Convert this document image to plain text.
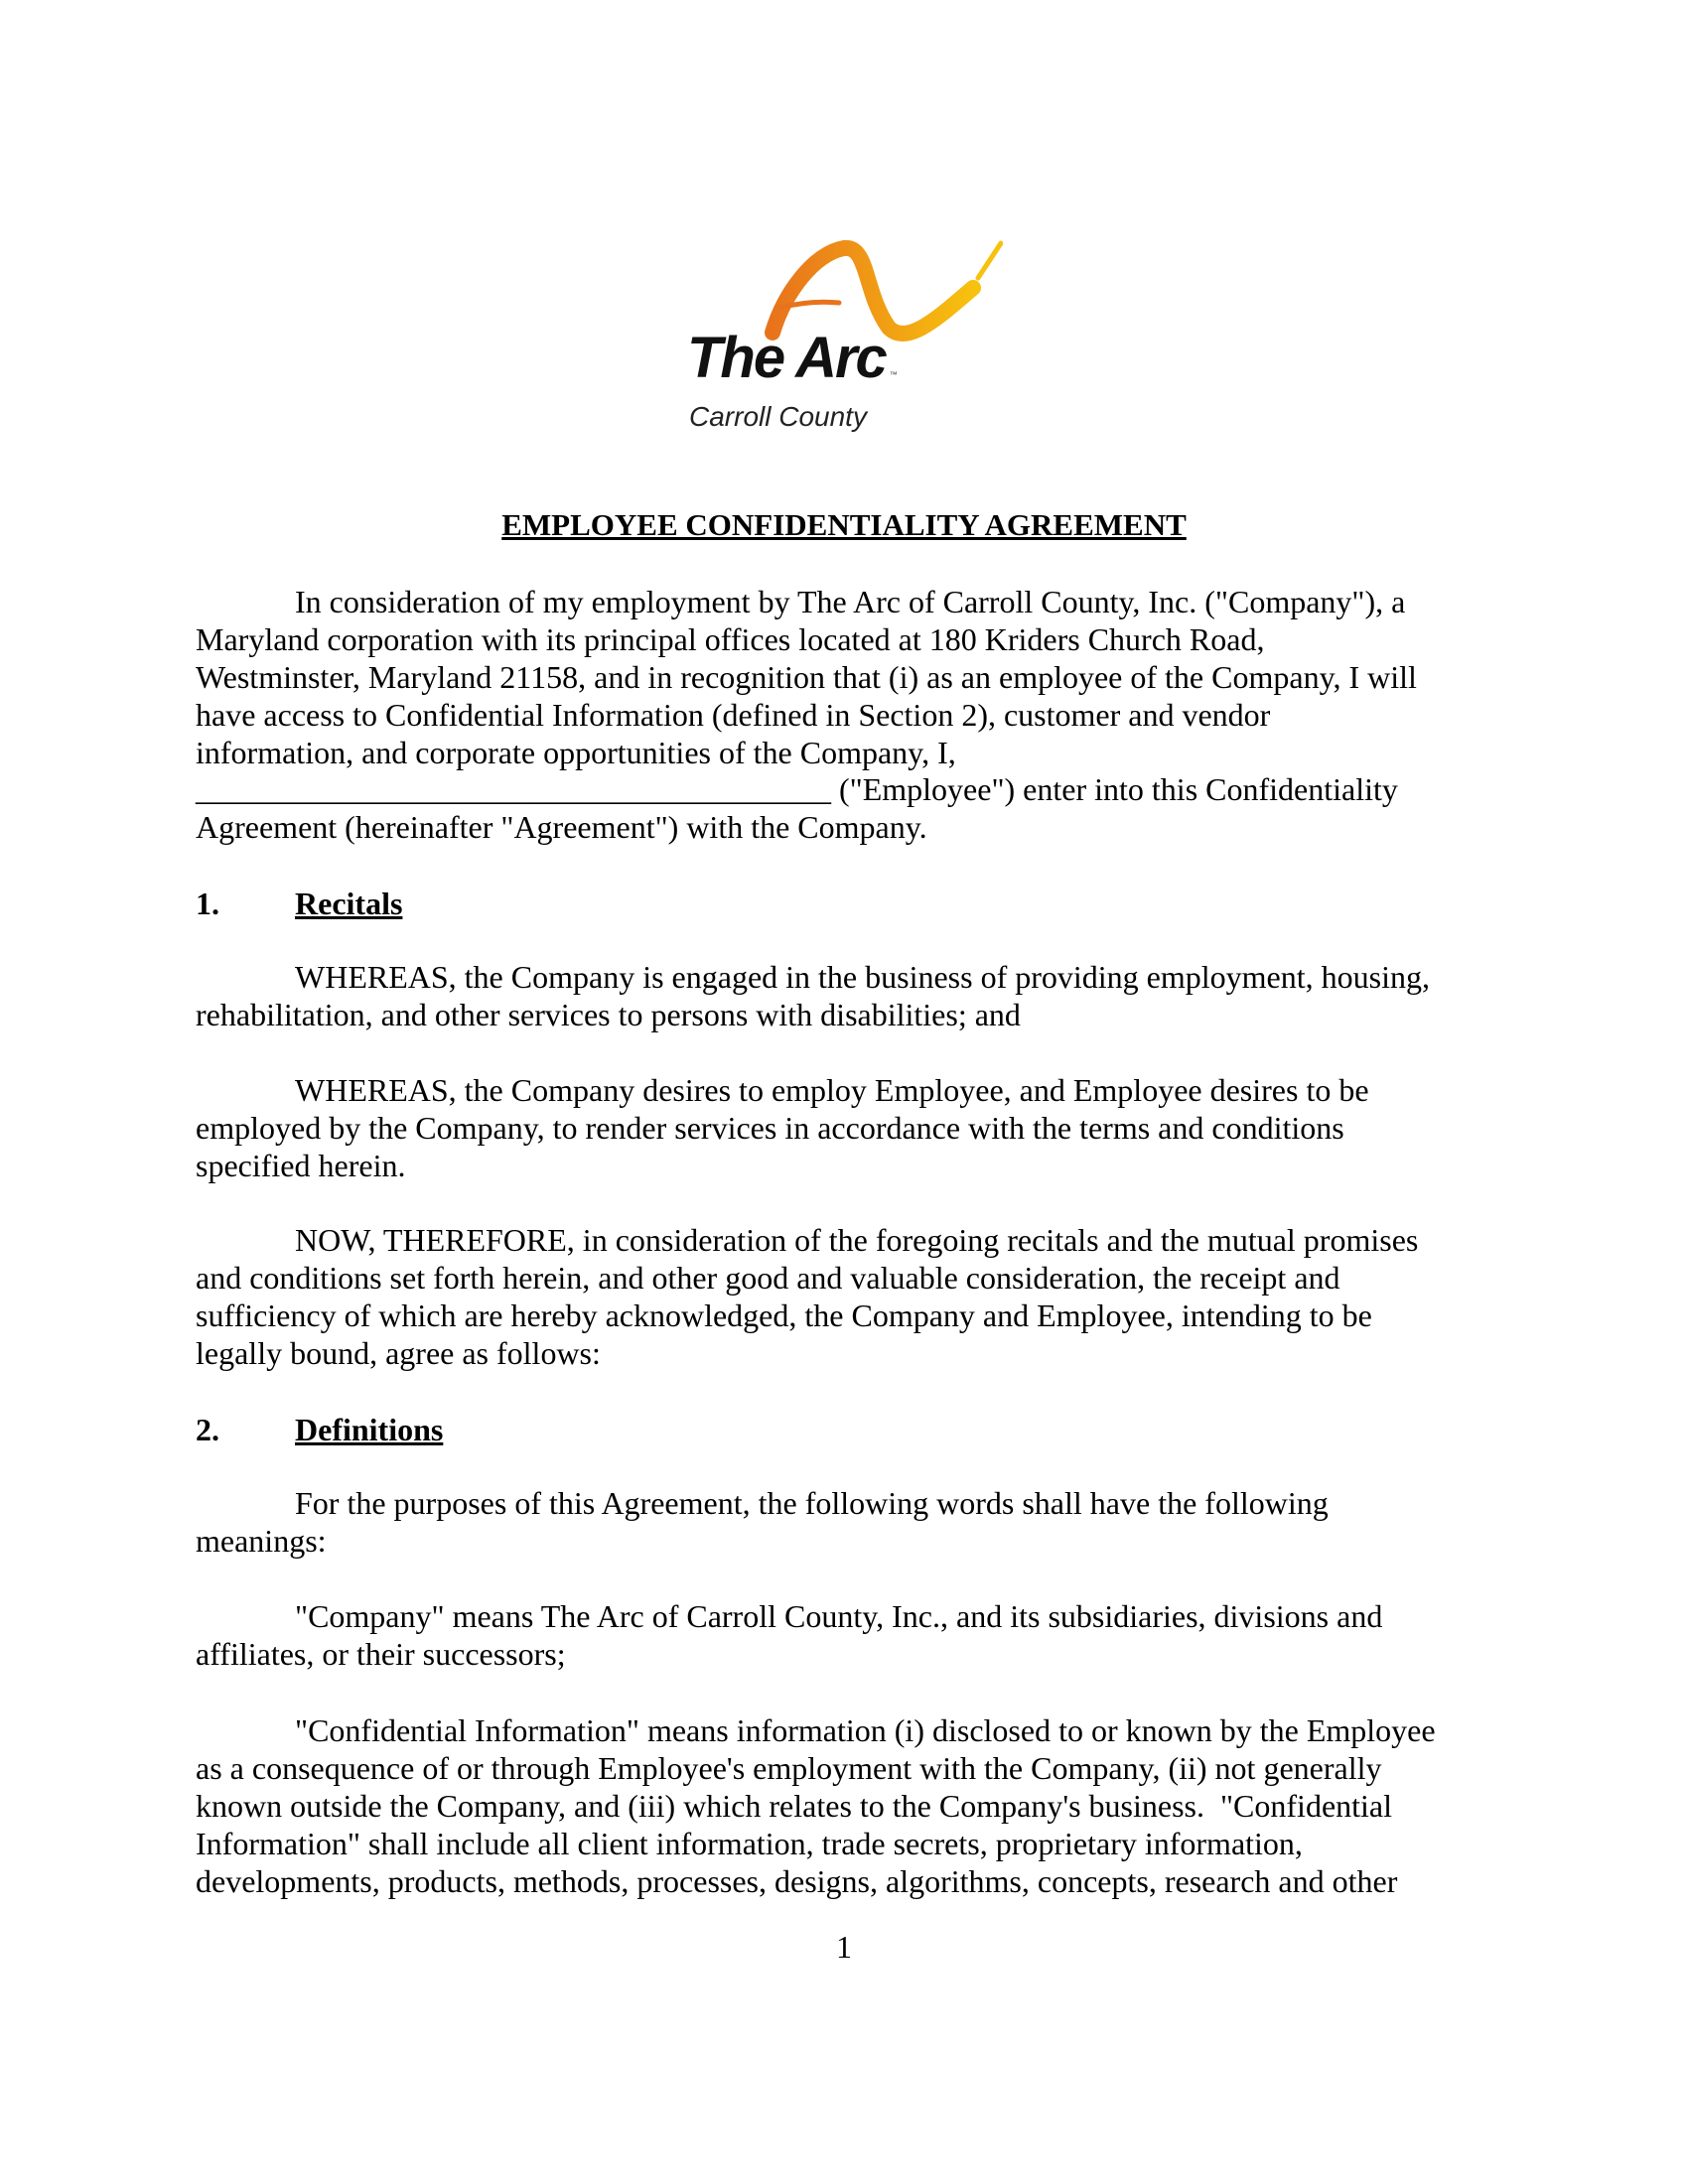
The Arc ™
Carroll County
EMPLOYEE CONFIDENTIALITY AGREEMENT
In consideration of my employment by The Arc of Carroll County, Inc. ("Company"), a
Maryland corporation with its principal offices located at 180 Kriders Church Road,
Westminster, Maryland 21158, and in recognition that (i) as an employee of the Company, I will
have access to Confidential Information (defined in Section 2), customer and vendor
information, and corporate opportunities of the Company, I,
________________________________________ ("Employee") enter into this Confidentiality
Agreement (hereinafter "Agreement") with the Company.
1. Recitals
WHEREAS, the Company is engaged in the business of providing employment, housing,
rehabilitation, and other services to persons with disabilities; and
WHEREAS, the Company desires to employ Employee, and Employee desires to be
employed by the Company, to render services in accordance with the terms and conditions
specified herein.
NOW, THEREFORE, in consideration of the foregoing recitals and the mutual promises
and conditions set forth herein, and other good and valuable consideration, the receipt and
sufficiency of which are hereby acknowledged, the Company and Employee, intending to be
legally bound, agree as follows:
2. Definitions
For the purposes of this Agreement, the following words shall have the following
meanings:
"Company" means The Arc of Carroll County, Inc., and its subsidiaries, divisions and
affiliates, or their successors;
"Confidential Information" means information (i) disclosed to or known by the Employee
as a consequence of or through Employee's employment with the Company, (ii) not generally
known outside the Company, and (iii) which relates to the Company's business.  "Confidential
Information" shall include all client information, trade secrets, proprietary information,
developments, products, methods, processes, designs, algorithms, concepts, research and other
1
